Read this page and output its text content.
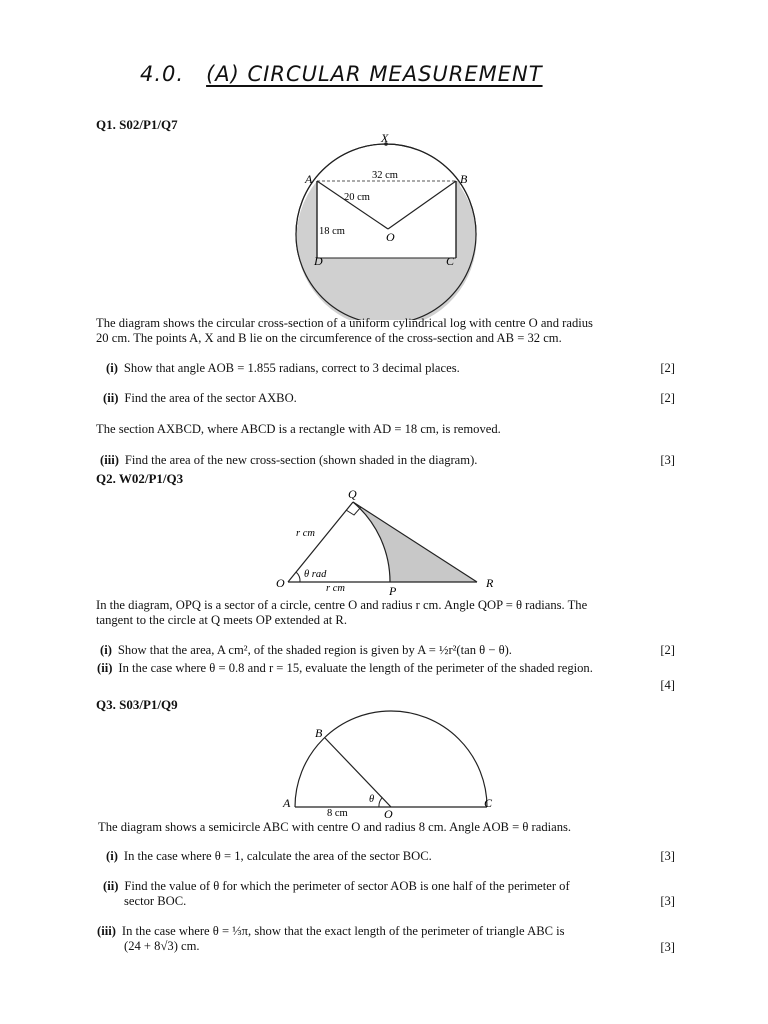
4.0. (A) CIRCULAR MEASUREMENT
Q1. S02/P1/Q7
X
A	B
O
D	C
32 cm
20 cm
18 cm
The diagram shows the circular cross-section of a uniform cylindrical log with centre O and radius
20 cm. The points A, X and B lie on the circumference of the cross-section and AB = 32 cm.
(i) Show that angle AOB = 1.855 radians, correct to 3 decimal places.	[2]
(ii) Find the area of the sector AXBO.	[2]
The section AXBCD, where ABCD is a rectangle with AD = 18 cm, is removed.
(iii) Find the area of the new cross-section (shown shaded in the diagram).	[3]
Q2. W02/P1/Q3
Q
O
P
R
r cm
θ rad
r cm
In the diagram, OPQ is a sector of a circle, centre O and radius r cm. Angle QOP = θ radians. The
tangent to the circle at Q meets OP extended at R.
(i) Show that the area, A cm², of the shaded region is given by A = ½r²(tan θ − θ).	[2]
(ii) In the case where θ = 0.8 and r = 15, evaluate the length of the perimeter of the shaded region.
[4]
Q3. S03/P1/Q9
B
A
O
C
8 cm
θ
The diagram shows a semicircle ABC with centre O and radius 8 cm. Angle AOB = θ radians.
(i) In the case where θ = 1, calculate the area of the sector BOC.	[3]
(ii) Find the value of θ for which the perimeter of sector AOB is one half of the perimeter of
sector BOC.	[3]
(iii) In the case where θ = ⅓π, show that the exact length of the perimeter of triangle ABC is
(24 + 8√3) cm.	[3]
